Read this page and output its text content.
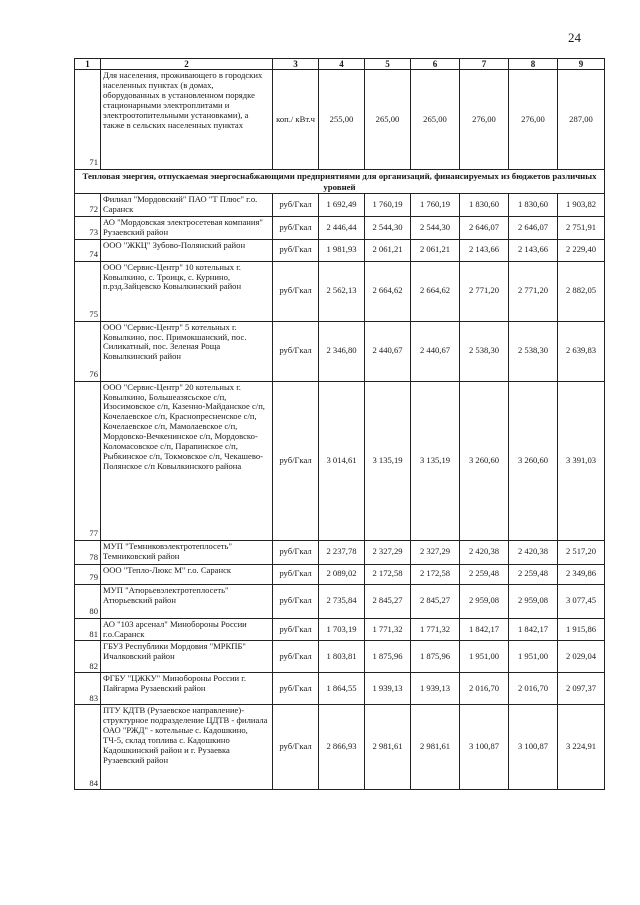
24
1	2	3	4	5	6	7	8	9
71	Для населения, проживающего в городских населенных пунктах (в домах, оборудованных в установленном порядке стационарными электроплитами и электроотопительными установками), а также в сельских населенных пунктах	коп./ кВт.ч	255,00	265,00	265,00	276,00	276,00	287,00
Тепловая энергия, отпускаемая энергоснабжающими предприятиями для организаций, финансируемых из бюджетов различных уровней								
72	Филиал "Мордовский" ПАО "Т Плюс" г.о. Саранск	руб/Гкал	1 692,49	1 760,19	1 760,19	1 830,60	1 830,60	1 903,82
73	АО "Мордовская электросетевая компания" Рузаевский район	руб/Гкал	2 446,44	2 544,30	2 544,30	2 646,07	2 646,07	2 751,91
74	ООО "ЖКЦ" Зубово-Полянский район	руб/Гкал	1 981,93	2 061,21	2 061,21	2 143,66	2 143,66	2 229,40
75	ООО "Сервис-Центр" 10 котельных г. Ковылкино, с. Троицк, с. Курнино, п.рзд.Зайцевско Ковылкинский район	руб/Гкал	2 562,13	2 664,62	2 664,62	2 771,20	2 771,20	2 882,05
76	ООО "Сервис-Центр" 5 котельных г. Ковылкино, пос. Примокшанский, пос. Силикатный, пос. Зеленая Роща Ковылкинский район	руб/Гкал	2 346,80	2 440,67	2 440,67	2 538,30	2 538,30	2 639,83
77	ООО "Сервис-Центр" 20 котельных г. Ковылкино, Большеазясьское с/п, Изосимовское с/п, Казенно-Майданское с/п, Кочелаевское с/п, Краснопресненское с/п, Кочелаевское с/п, Мамолаевское с/п, Мордовско-Вечкенинское с/п, Мордовско-Коломасовское с/п, Парапинское с/п, Рыбкинское с/п, Токмовское с/п, Чекашево-Полянское с/п Ковылкинского района	руб/Гкал	3 014,61	3 135,19	3 135,19	3 260,60	3 260,60	3 391,03
78	МУП "Темниковэлектротеплосеть" Темниковский район	руб/Гкал	2 237,78	2 327,29	2 327,29	2 420,38	2 420,38	2 517,20
79	ООО "Тепло-Люкс М" г.о. Саранск	руб/Гкал	2 089,02	2 172,58	2 172,58	2 259,48	2 259,48	2 349,86
80	МУП "Атюрьевэлектротеплосеть" Атюрьевский район	руб/Гкал	2 735,84	2 845,27	2 845,27	2 959,08	2 959,08	3 077,45
81	АО "103 арсенал" Минобороны России г.о.Саранск	руб/Гкал	1 703,19	1 771,32	1 771,32	1 842,17	1 842,17	1 915,86
82	ГБУЗ Республики Мордовия "МРКПБ" Ичалковский район	руб/Гкал	1 803,81	1 875,96	1 875,96	1 951,00	1 951,00	2 029,04
83	ФГБУ "ЦЖКУ" Минобороны России г. Пайгарма Рузаевский район	руб/Гкал	1 864,55	1 939,13	1 939,13	2 016,70	2 016,70	2 097,37
84	ПТУ КДТВ (Рузаевское направление)- структурное подразделение ЦДТВ - филиала ОАО "РЖД" - котельные с. Кадошкино, ТЧ-5, склад топлива с. Кадошкино Кадошкинский район и г. Рузаевка Рузаевский район	руб/Гкал	2 866,93	2 981,61	2 981,61	3 100,87	3 100,87	3 224,91
